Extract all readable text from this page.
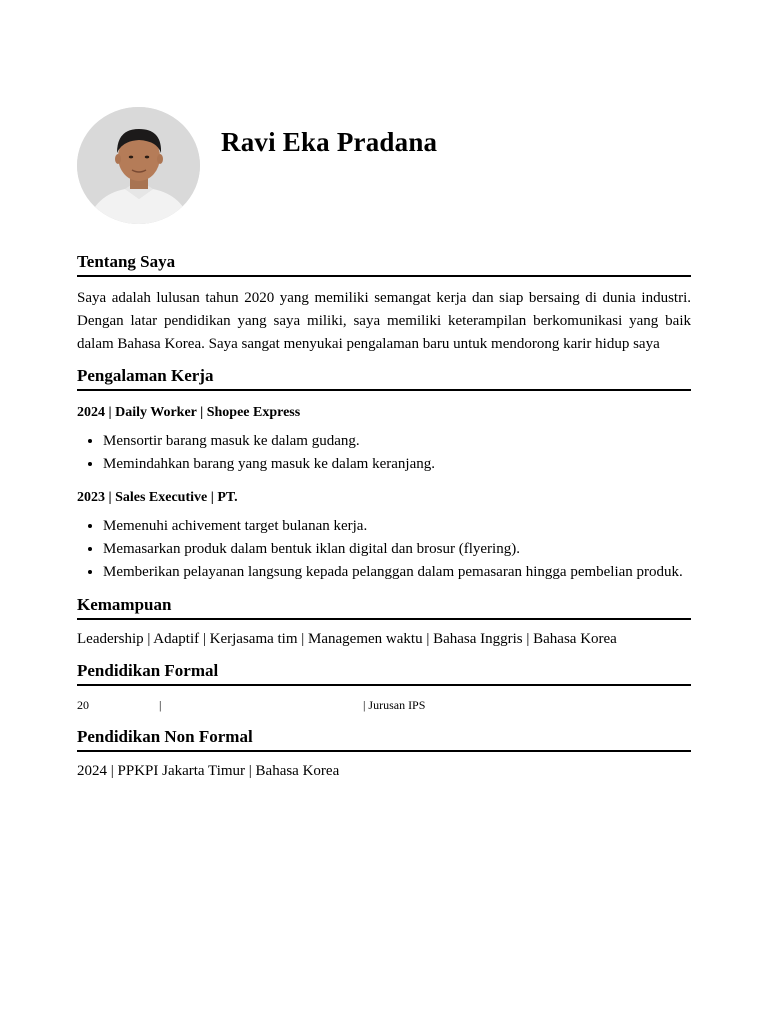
Ravi Eka Pradana
Tentang Saya

Saya adalah lulusan tahun 2020 yang memiliki semangat kerja dan siap bersaing di dunia industri. Dengan latar pendidikan yang saya miliki, saya memiliki keterampilan berkomunikasi yang baik dalam Bahasa Korea. Saya sangat menyukai pengalaman baru untuk mendorong karir hidup saya

Pengalaman Kerja

2024 | Daily Worker | Shopee Express

• Mensortir barang masuk ke dalam gudang.
• Memindahkan barang yang masuk ke dalam keranjang.

2023 | Sales Executive | PT.

• Memenuhi achivement target bulanan kerja.
• Memasarkan produk dalam bentuk iklan digital dan brosur (flyering).
• Memberikan pelayanan langsung kepada pelanggan dalam pemasaran hingga pembelian produk.
Kemampuan

Leadership | Adaptif | Kerjasama tim | Managemen waktu | Bahasa Inggris | Bahasa Korea

Pendidikan Formal
20	|	| Jurusan IPS
Pendidikan Non Formal

2024 | PPKPI Jakarta Timur | Bahasa Korea
